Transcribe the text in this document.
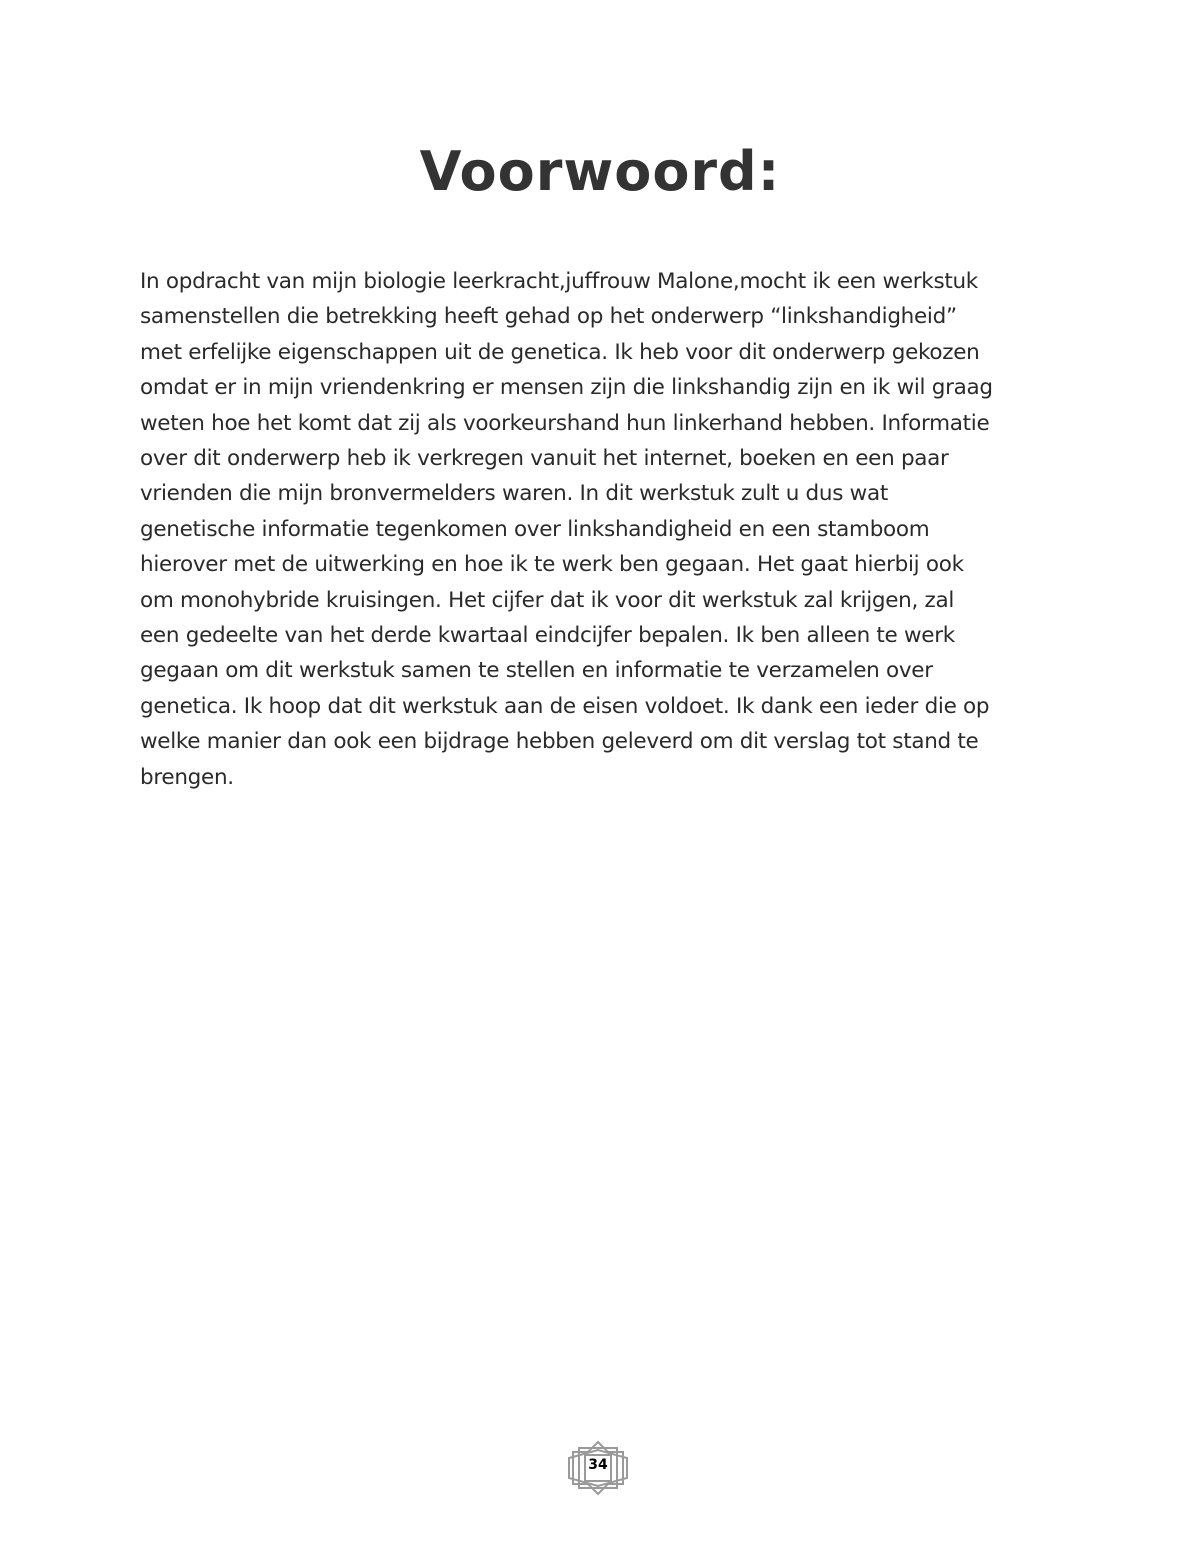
Voorwoord:
In opdracht van mijn biologie leerkracht,juffrouw Malone,mocht ik een werkstuk
samenstellen die betrekking heeft gehad op het onderwerp “linkshandigheid”
met erfelijke eigenschappen uit de genetica. Ik heb voor dit onderwerp gekozen
omdat er in mijn vriendenkring er mensen zijn die linkshandig zijn en ik wil graag
weten hoe het komt dat zij als voorkeurshand hun linkerhand hebben. Informatie
over dit onderwerp heb ik verkregen vanuit het internet, boeken en een paar
vrienden die mijn bronvermelders waren. In dit werkstuk zult u dus wat
genetische informatie tegenkomen over linkshandigheid en een stamboom
hierover met de uitwerking en hoe ik te werk ben gegaan. Het gaat hierbij ook
om monohybride kruisingen. Het cijfer dat ik voor dit werkstuk zal krijgen, zal
een gedeelte van het derde kwartaal eindcijfer bepalen. Ik ben alleen te werk
gegaan om dit werkstuk samen te stellen en informatie te verzamelen over
genetica. Ik hoop dat dit werkstuk aan de eisen voldoet. Ik dank een ieder die op
welke manier dan ook een bijdrage hebben geleverd om dit verslag tot stand te
brengen.
34
